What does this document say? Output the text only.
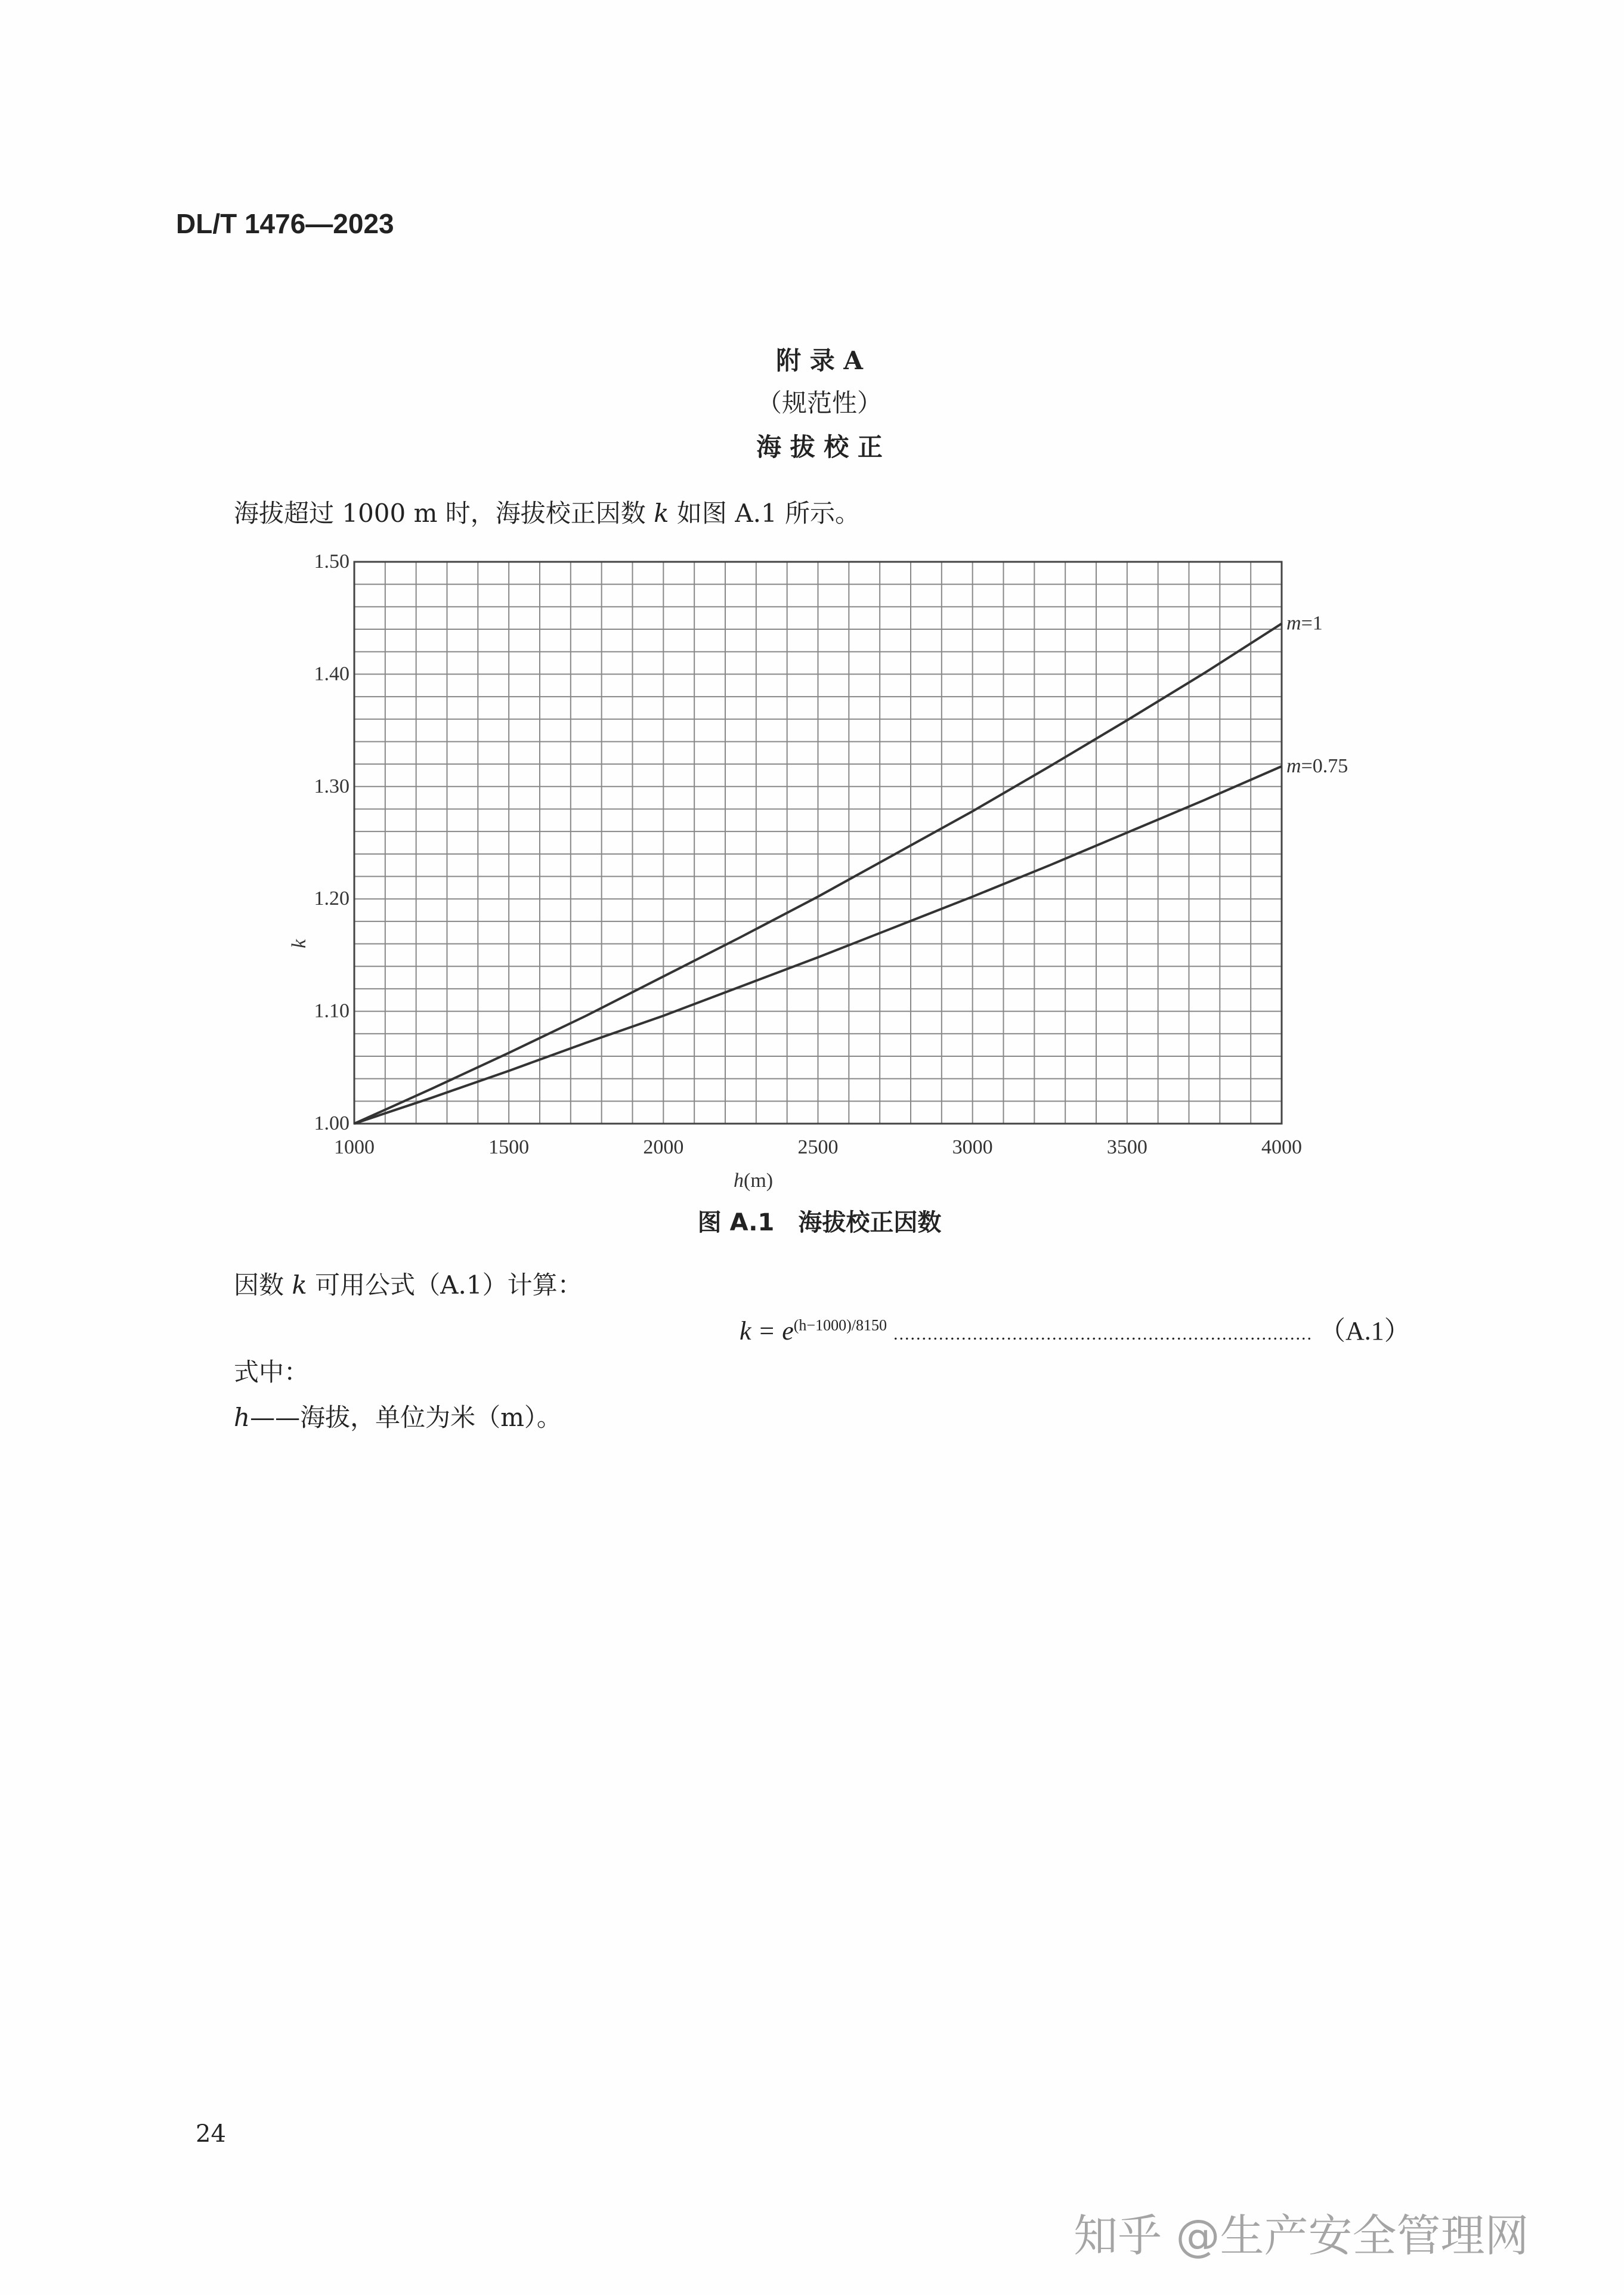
DL/T 1476—2023
附 录 A
（规范性）
海 拔 校 正
海拔超过 1000 m 时，海拔校正因数 k 如图 A.1 所示。
1000	1500	2000	2500	3000	3500	4000
1.00
1.10
1.20
1.30
1.40
1.50
m=1
m=0.75
h(m)
k
图 A.1　海拔校正因数
因数 k 可用公式（A.1）计算：
$k = e^{(h-1000)/8150}$ .......................................................................... （A.1）
式中：
h——海拔，单位为米（m）。
24
知乎 @生产安全管理网
